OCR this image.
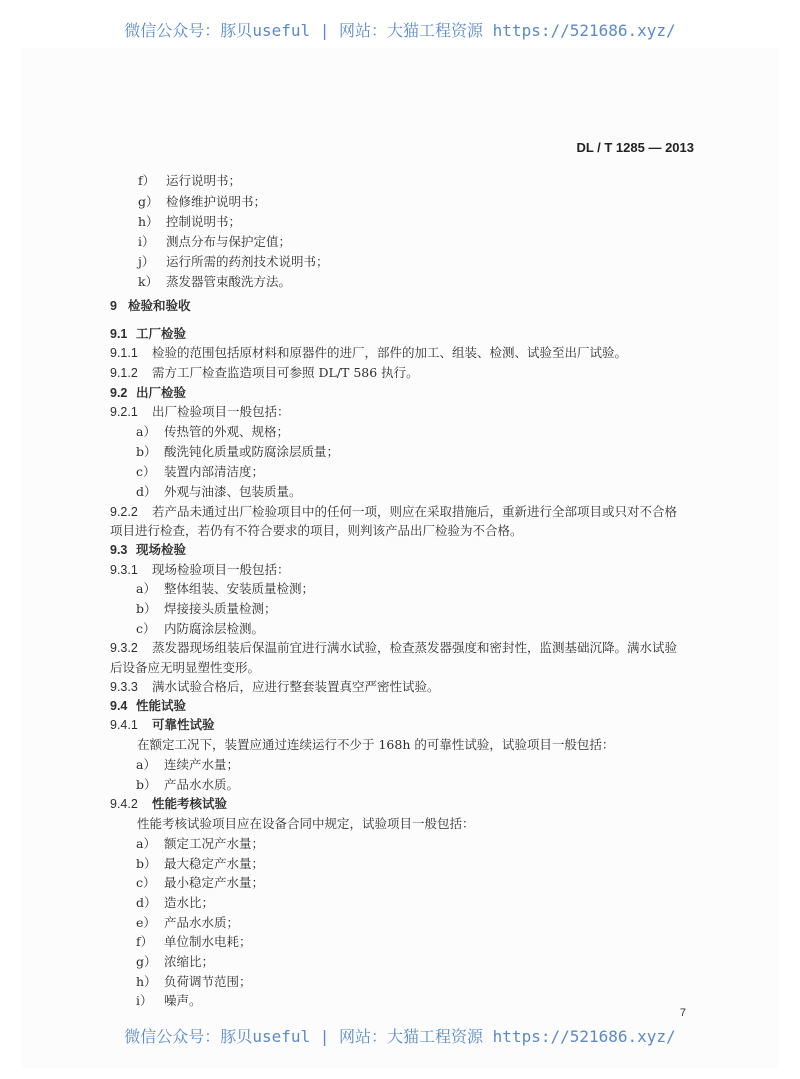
微信公众号：豚贝useful | 网站：大猫工程资源 https://521686.xyz/
DL / T 1285 — 2013
f） 运行说明书；
g） 检修维护说明书；
h） 控制说明书；
i） 测点分布与保护定值；
j） 运行所需的药剂技术说明书；
k） 蒸发器管束酸洗方法。
9 检验和验收
9.1 工厂检验
9.1.1 检验的范围包括原材料和原器件的进厂，部件的加工、组装、检测、试验至出厂试验。
9.1.2 需方工厂检查监造项目可参照 DL/T 586 执行。
9.2 出厂检验
9.2.1 出厂检验项目一般包括：
a） 传热管的外观、规格；
b） 酸洗钝化质量或防腐涂层质量；
c） 装置内部清洁度；
d） 外观与油漆、包装质量。
9.2.2 若产品未通过出厂检验项目中的任何一项，则应在采取措施后，重新进行全部项目或只对不合格
项目进行检查，若仍有不符合要求的项目，则判该产品出厂检验为不合格。
9.3 现场检验
9.3.1 现场检验项目一般包括：
a） 整体组装、安装质量检测；
b） 焊接接头质量检测；
c） 内防腐涂层检测。
9.3.2 蒸发器现场组装后保温前宜进行满水试验，检查蒸发器强度和密封性，监测基础沉降。满水试验
后设备应无明显塑性变形。
9.3.3 满水试验合格后，应进行整套装置真空严密性试验。
9.4 性能试验
9.4.1 可靠性试验
在额定工况下，装置应通过连续运行不少于 168h 的可靠性试验，试验项目一般包括：
a） 连续产水量；
b） 产品水水质。
9.4.2 性能考核试验
性能考核试验项目应在设备合同中规定，试验项目一般包括：
a） 额定工况产水量；
b） 最大稳定产水量；
c） 最小稳定产水量；
d） 造水比；
e） 产品水水质；
f） 单位制水电耗；
g） 浓缩比；
h） 负荷调节范围；
i） 噪声。
7
微信公众号：豚贝useful | 网站：大猫工程资源 https://521686.xyz/
